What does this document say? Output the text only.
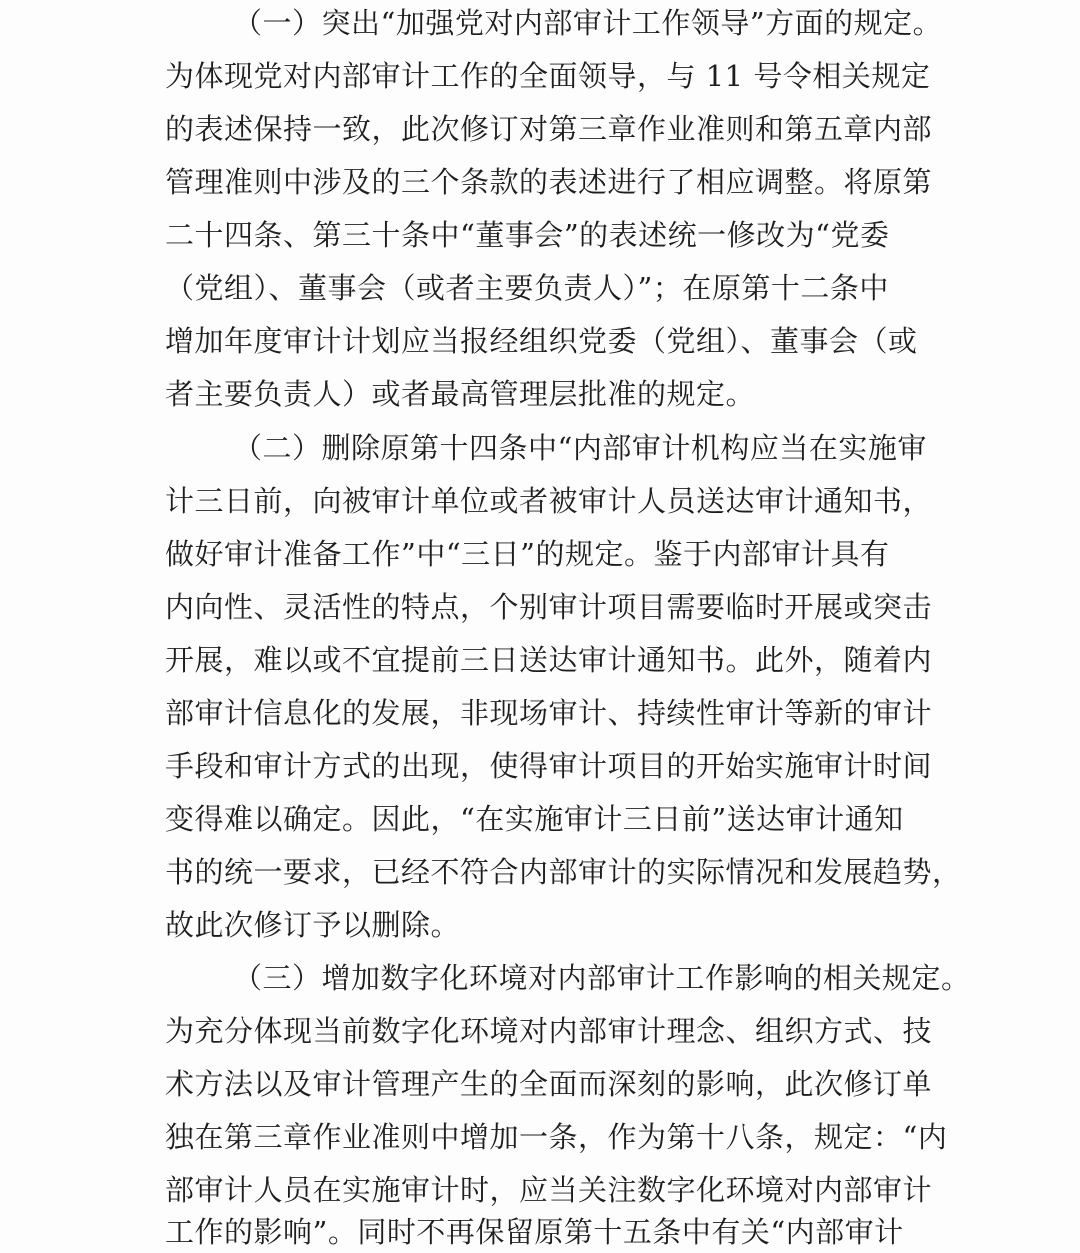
（一）突出“加强党对内部审计工作领导”方面的规定。
为体现党对内部审计工作的全面领导，与 11 号令相关规定
的表述保持一致，此次修订对第三章作业准则和第五章内部
管理准则中涉及的三个条款的表述进行了相应调整。将原第
二十四条、第三十条中“董事会”的表述统一修改为“党委
（党组）、董事会（或者主要负责人）”；在原第十二条中
增加年度审计计划应当报经组织党委（党组）、董事会（或
者主要负责人）或者最高管理层批准的规定。
（二）删除原第十四条中“内部审计机构应当在实施审
计三日前，向被审计单位或者被审计人员送达审计通知书，
做好审计准备工作”中“三日”的规定。鉴于内部审计具有
内向性、灵活性的特点，个别审计项目需要临时开展或突击
开展，难以或不宜提前三日送达审计通知书。此外，随着内
部审计信息化的发展，非现场审计、持续性审计等新的审计
手段和审计方式的出现，使得审计项目的开始实施审计时间
变得难以确定。因此，“在实施审计三日前”送达审计通知
书的统一要求，已经不符合内部审计的实际情况和发展趋势，
故此次修订予以删除。
（三）增加数字化环境对内部审计工作影响的相关规定。
为充分体现当前数字化环境对内部审计理念、组织方式、技
术方法以及审计管理产生的全面而深刻的影响，此次修订单
独在第三章作业准则中增加一条，作为第十八条，规定：“内
部审计人员在实施审计时，应当关注数字化环境对内部审计
工作的影响”。同时不再保留原第十五条中有关“内部审计
